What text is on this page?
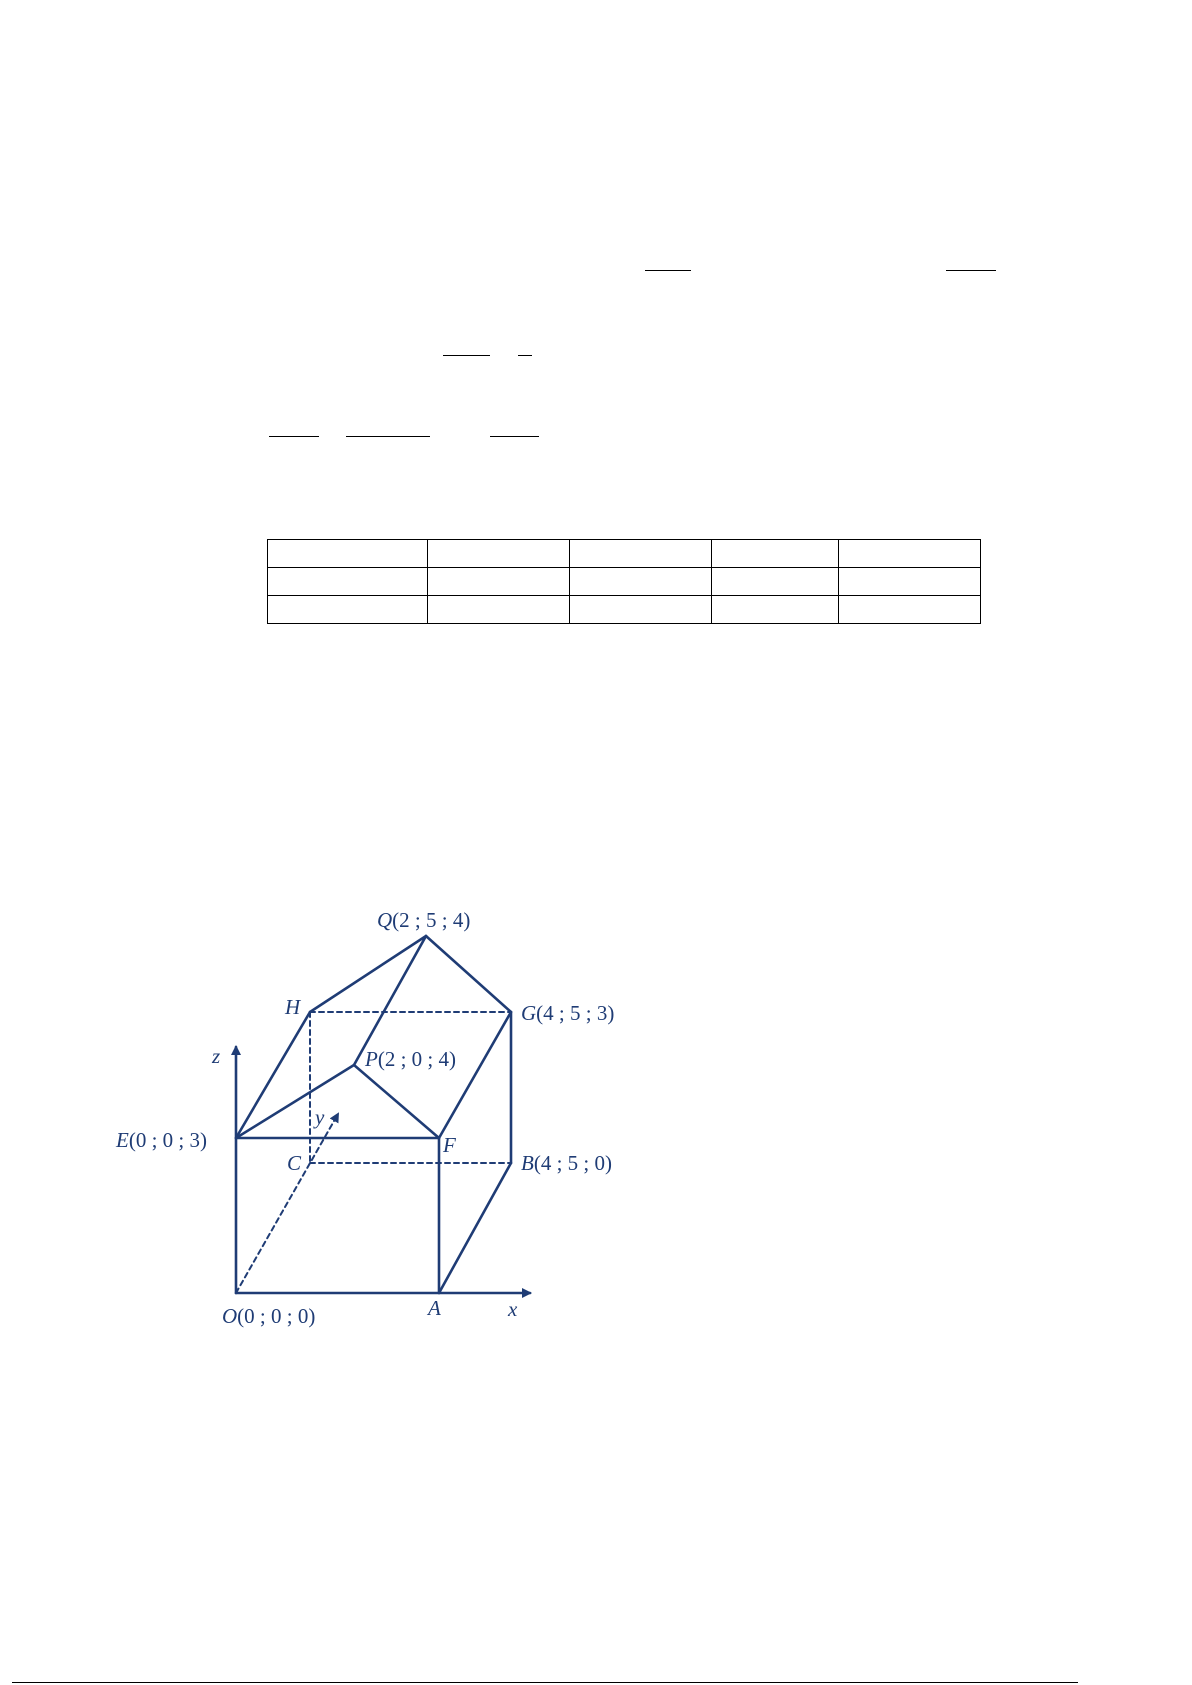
Q(2 ; 5 ; 4)
H	G(4 ; 5 ; 3)
z	P(2 ; 0 ; 4)
y
E(0 ; 0 ; 3)	F
C	B(4 ; 5 ; 0)
A	x
O(0 ; 0 ; 0)
